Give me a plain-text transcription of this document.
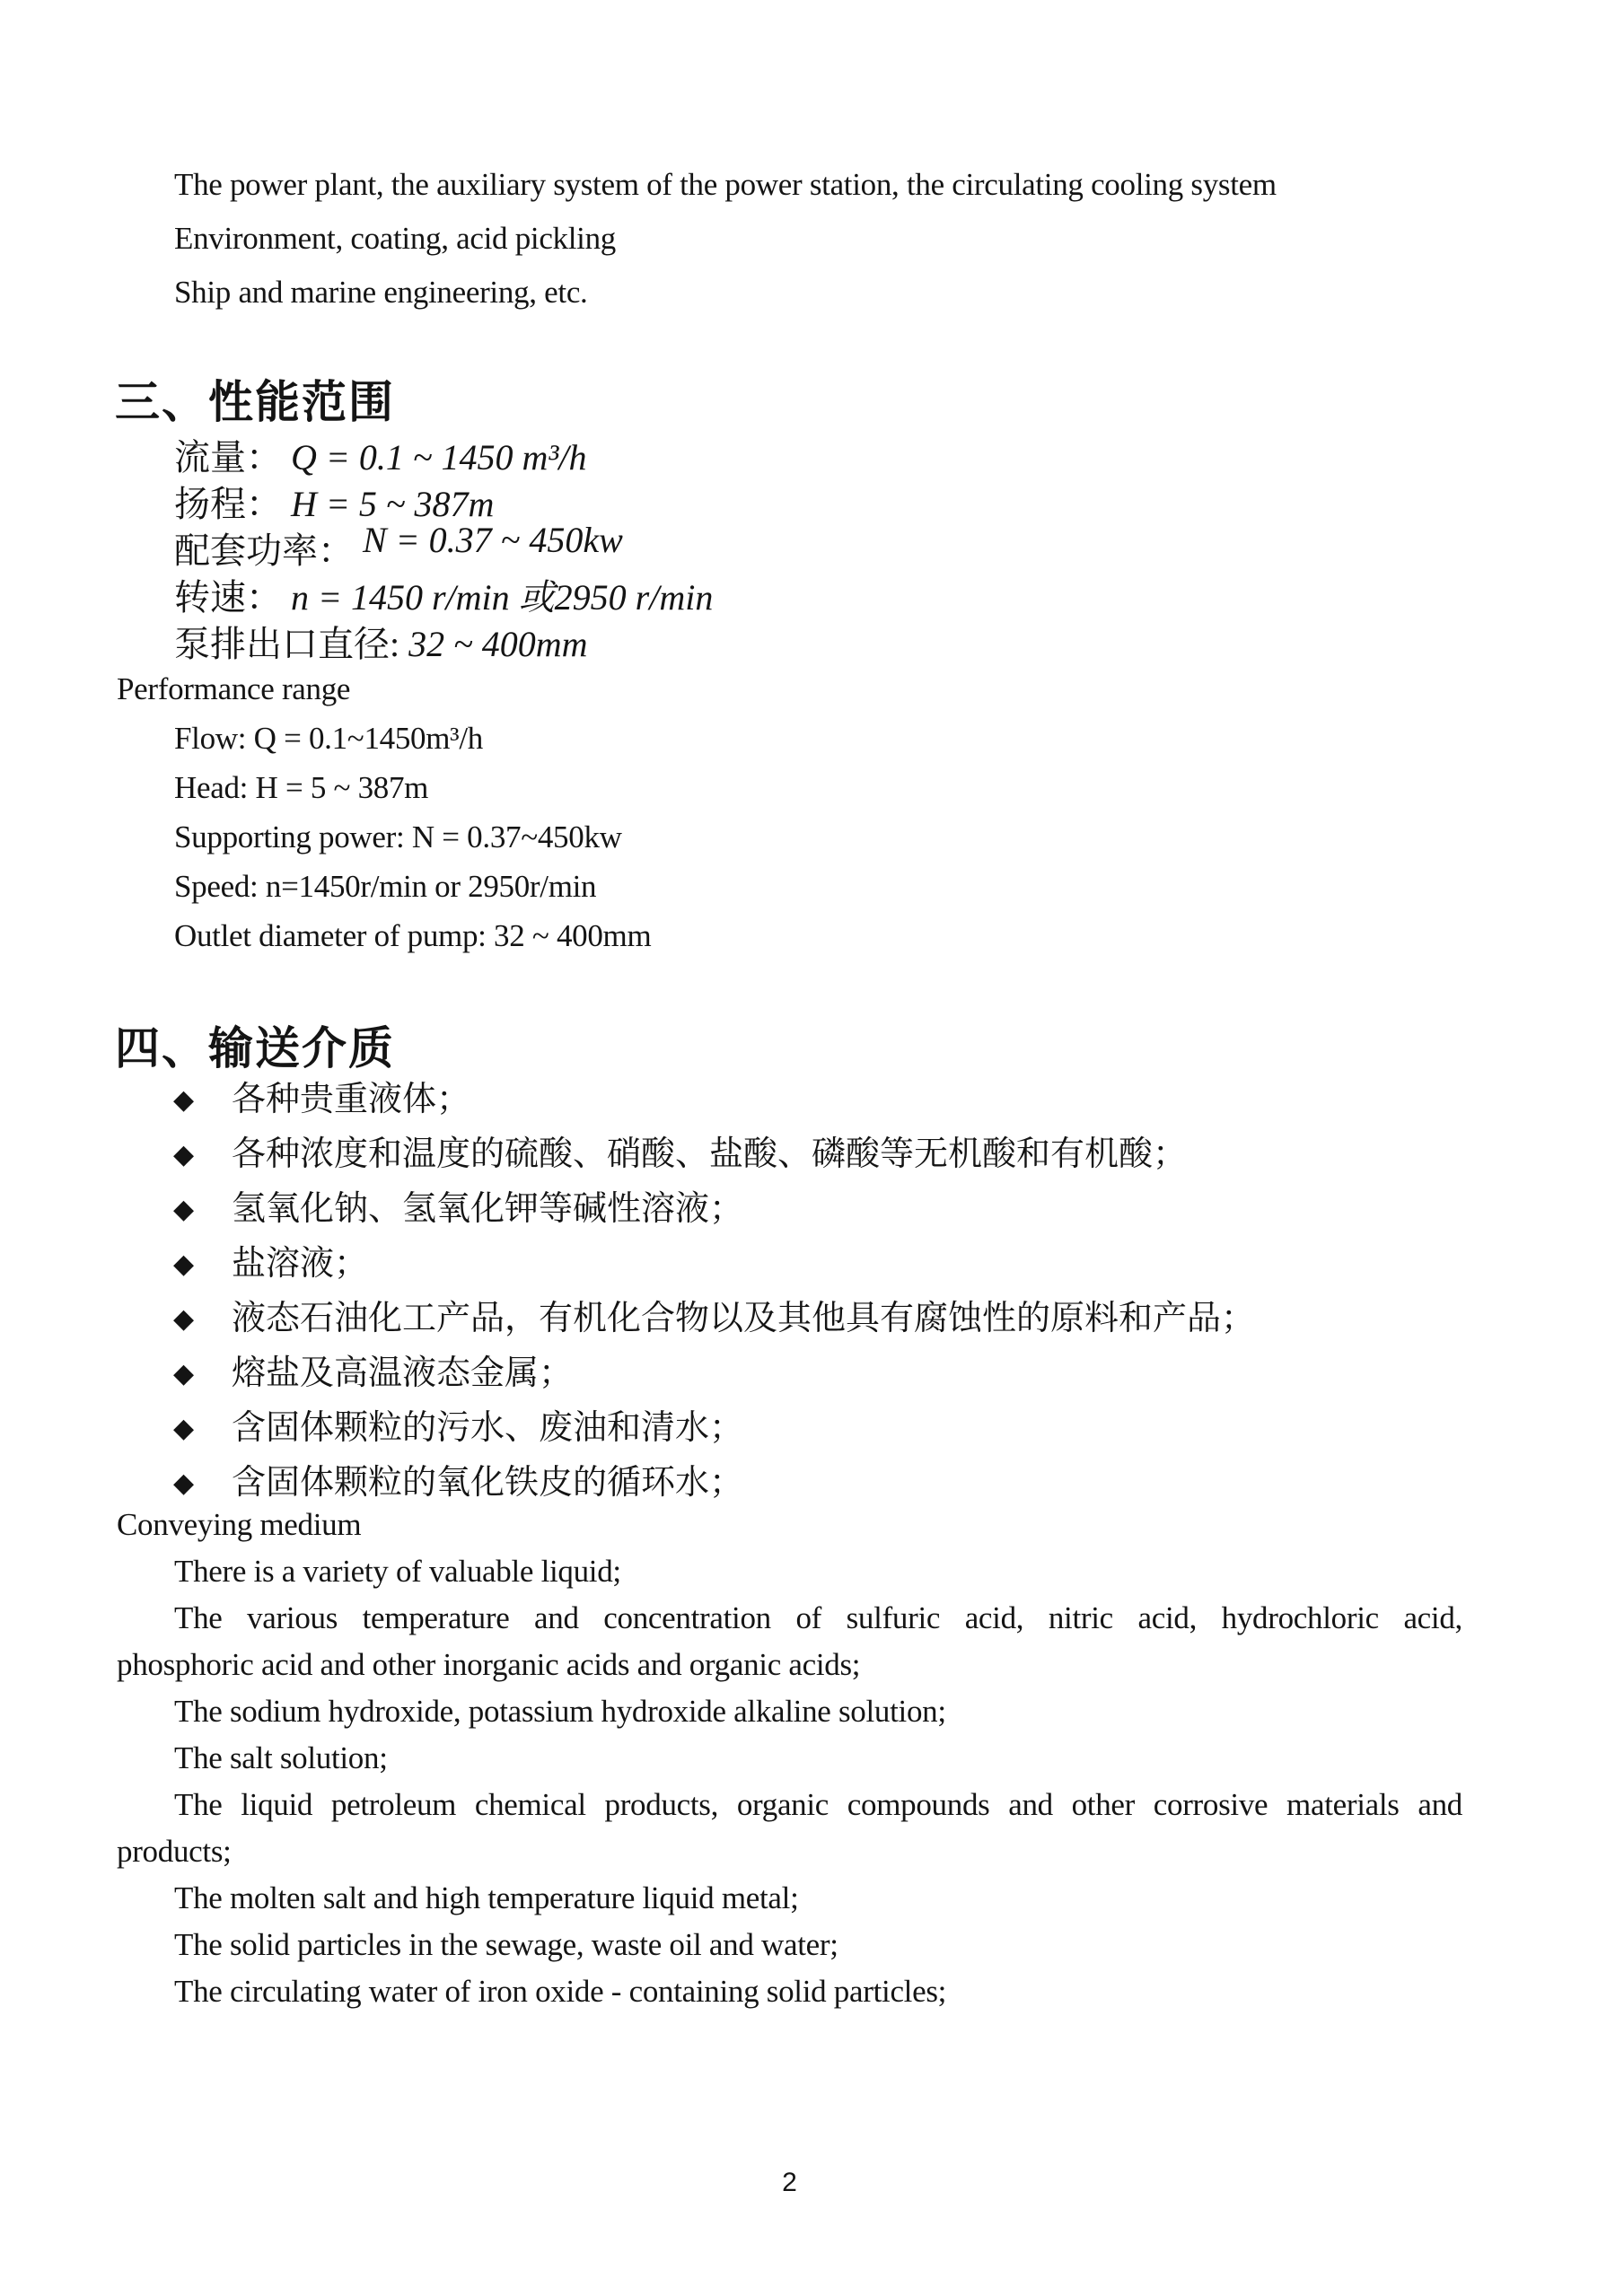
The power plant, the auxiliary system of the power station, the circulating cooling system
Environment, coating, acid pickling
Ship and marine engineering, etc.
三、性能范围
流量： Q = 0.1 ~ 1450 m³/h
扬程： H = 5 ~ 387m
配套功率： N = 0.37 ~ 450kw
转速： n = 1450 r/min 或2950 r/min
泵排出口直径: 32 ~ 400mm
Performance range
Flow: Q = 0.1~1450m³/h
Head: H = 5 ~ 387m
Supporting power: N = 0.37~450kw
Speed: n=1450r/min or 2950r/min
Outlet diameter of pump: 32 ~ 400mm
四、输送介质
◆ 各种贵重液体；
◆ 各种浓度和温度的硫酸、硝酸、盐酸、磷酸等无机酸和有机酸；
◆ 氢氧化钠、氢氧化钾等碱性溶液；
◆ 盐溶液；
◆ 液态石油化工产品，有机化合物以及其他具有腐蚀性的原料和产品；
◆ 熔盐及高温液态金属；
◆ 含固体颗粒的污水、废油和清水；
◆ 含固体颗粒的氧化铁皮的循环水；
Conveying medium
There is a variety of valuable liquid;
The various temperature and concentration of sulfuric acid, nitric acid, hydrochloric acid,
phosphoric acid and other inorganic acids and organic acids;
The sodium hydroxide, potassium hydroxide alkaline solution;
The salt solution;
The liquid petroleum chemical products, organic compounds and other corrosive materials and
products;
The molten salt and high temperature liquid metal;
The solid particles in the sewage, waste oil and water;
The circulating water of iron oxide - containing solid particles;
2
